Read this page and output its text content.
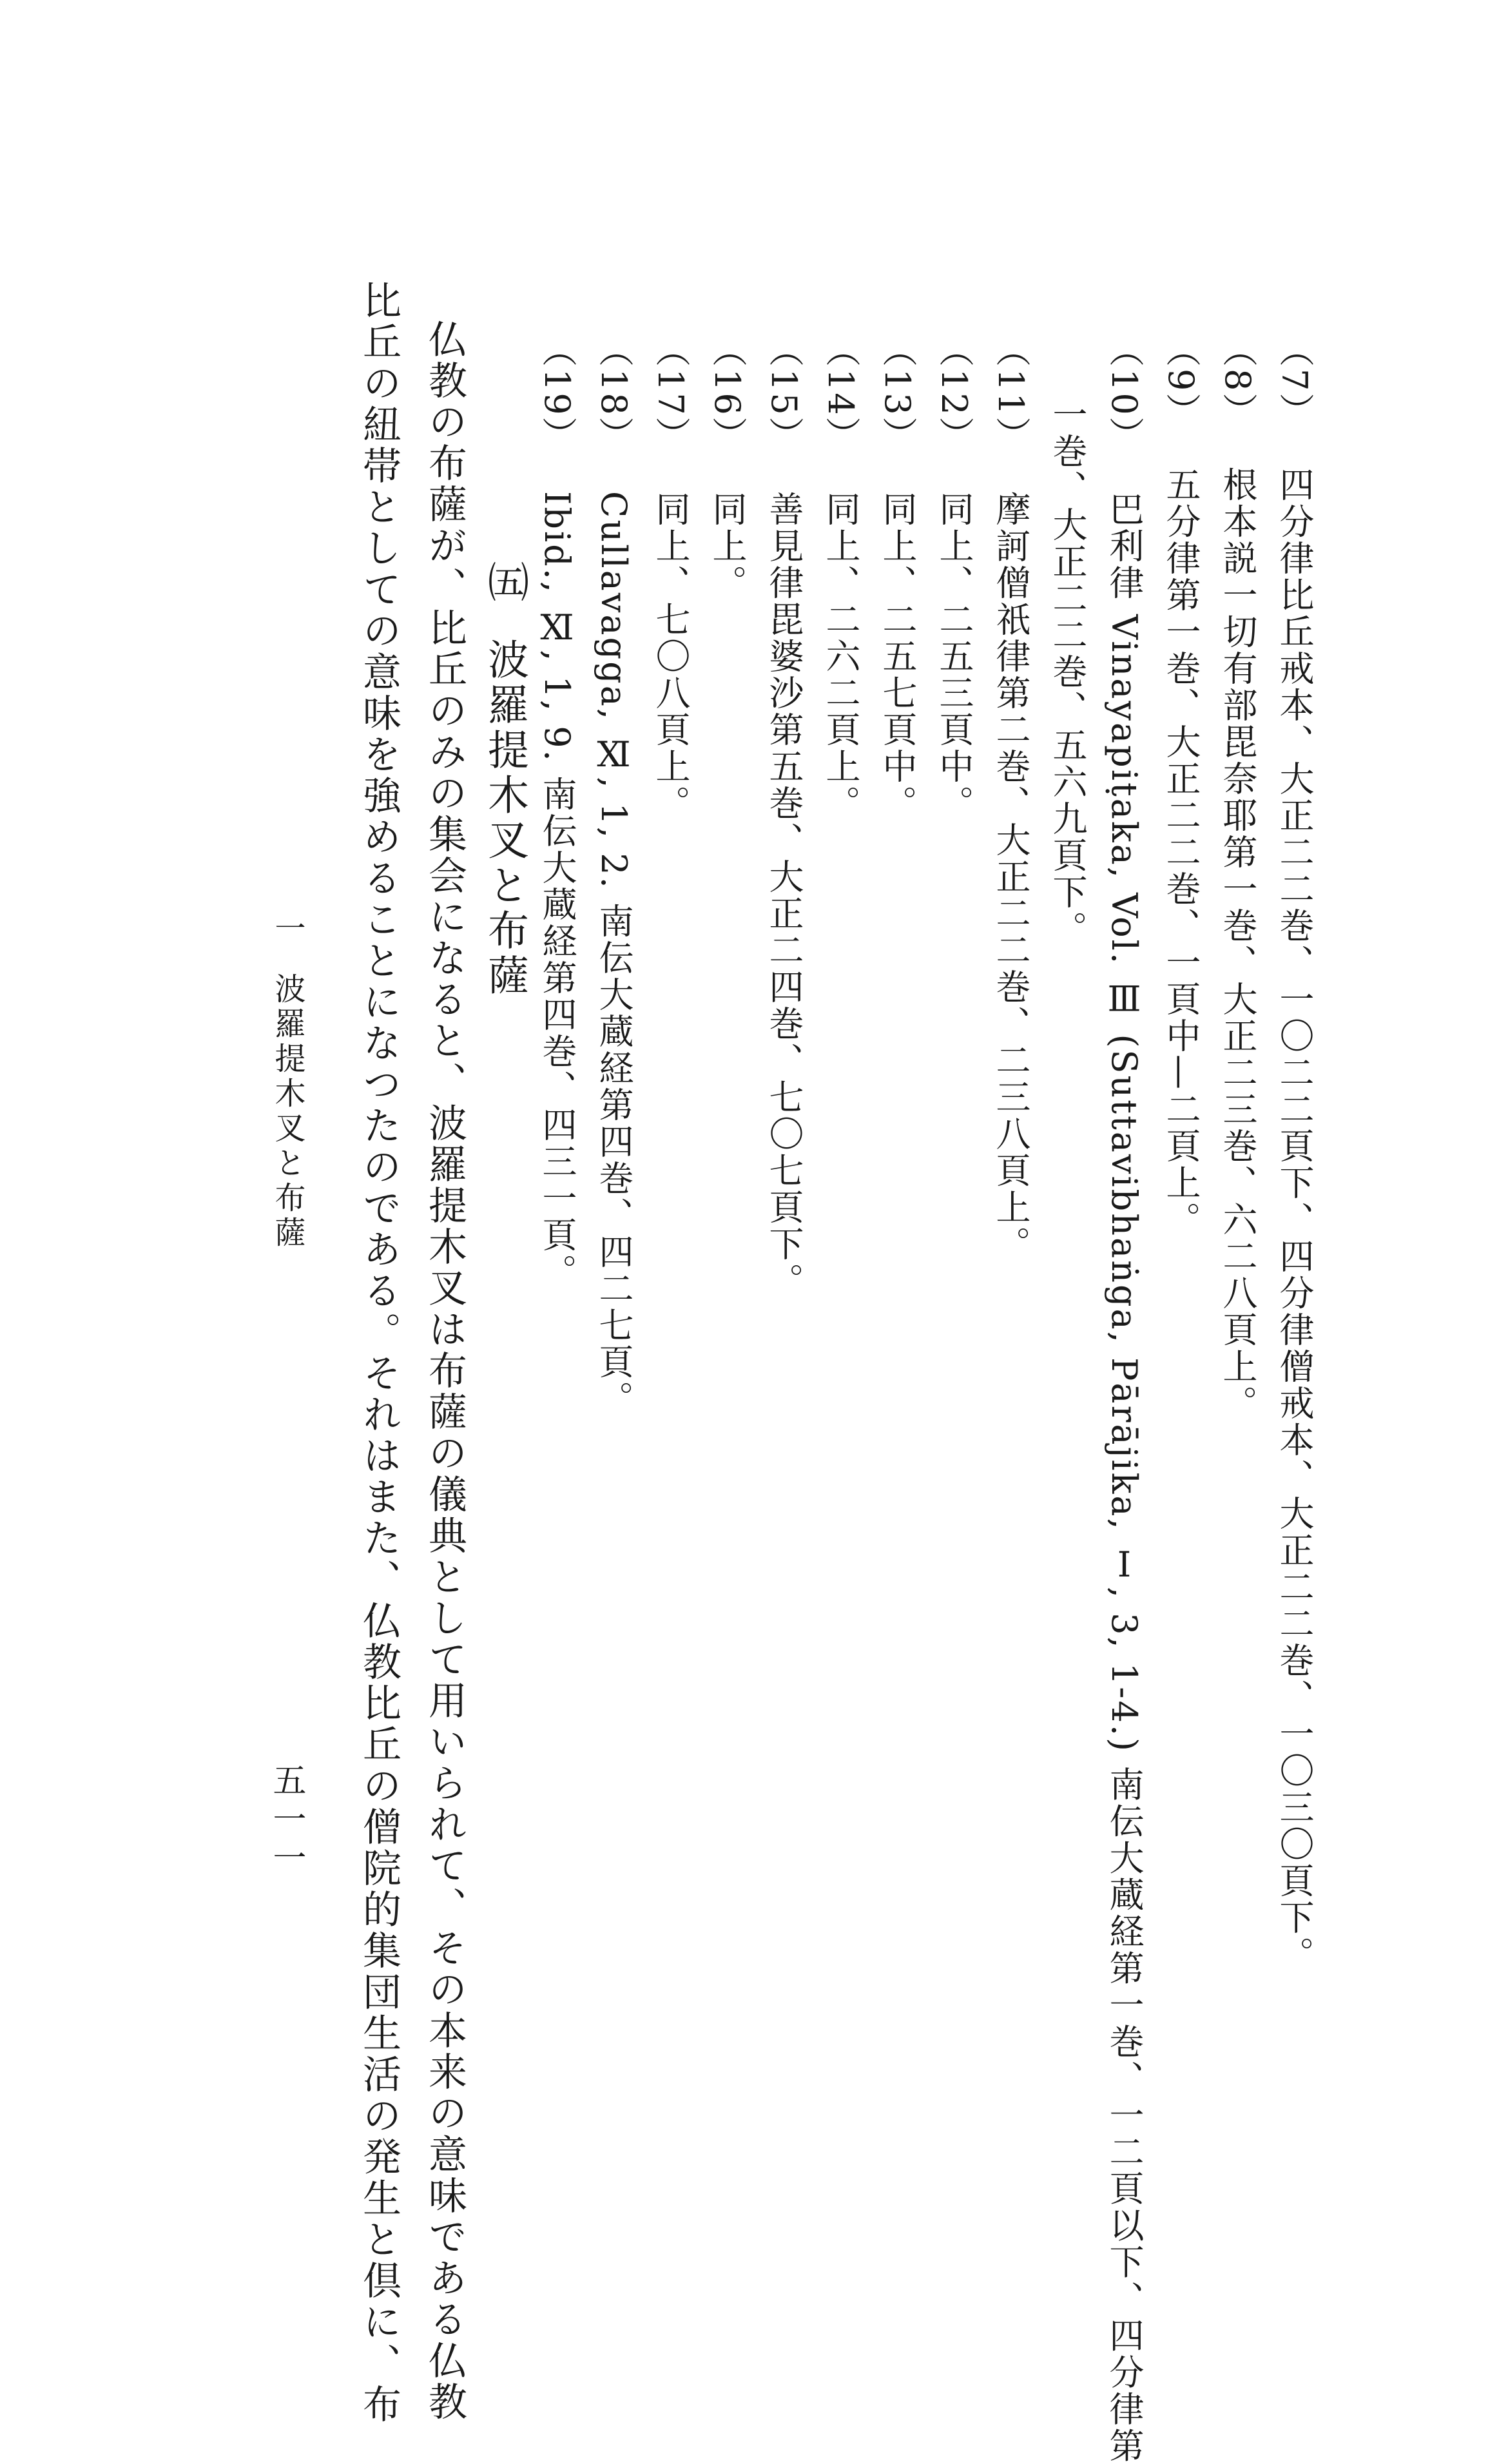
（7）四分律比丘戒本、大正二二巻、一〇二二頁下、四分律僧戒本、大正二二巻、一〇三〇頁下。
（8）根本説一切有部毘奈耶第一巻、大正二三巻、六二八頁上。
（9）五分律第一巻、大正二二巻、一頁中—二頁上。
（10）巴利律 Vinayapiṭaka, Vol. Ⅲ (Suttavibhaṅga, Pārājika, Ⅰ, 3, 1-4.) 南伝大蔵経第一巻、一二頁以下、四分律第
一巻、大正二二巻、五六九頁下。
（11）摩訶僧祇律第二巻、大正二二巻、二三八頁上。
（12）同上、二五三頁中。
（13）同上、二五七頁中。
（14）同上、二六二頁上。
（15）善見律毘婆沙第五巻、大正二四巻、七〇七頁下。
（16）同上。
（17）同上、七〇八頁上。
（18）Cullavagga, Ⅺ, 1, 2. 南伝大蔵経第四巻、四二七頁。
（19）Ibid., Ⅺ, 1, 9. 南伝大蔵経第四巻、四三一頁。
㈤波羅提木叉と布薩
仏教の布薩が、比丘のみの集会になると、波羅提木叉は布薩の儀典として用いられて、その本来の意味である仏教
比丘の紐帯としての意味を強めることになつたのである。それはまた、仏教比丘の僧院的集団生活の発生と倶に、布
一波羅提木叉と布薩
五一一
